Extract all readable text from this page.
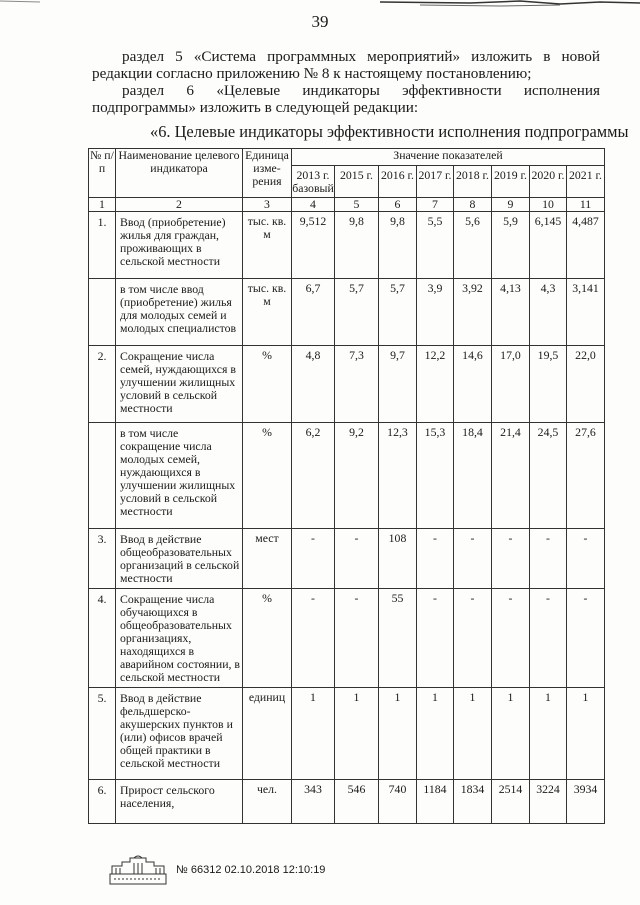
39

раздел 5 «Система программных мероприятий» изложить в новой

редакции согласно приложению № 8 к настоящему постановлению;

раздел 6 «Целевые индикаторы эффективности исполнения

подпрограммы» изложить в следующей редакции:

«6. Целевые индикаторы эффективности исполнения подпрограммы
№ п/п	Наименование целевого индикатора	Единица изме-рения	Значение показателей							
			2013 г. базовый	2015 г.	2016 г.	2017 г.	2018 г.	2019 г.	2020 г.	2021 г.
1	2	3	4	5	6	7	8	9	10	11
1.	Ввод (приобретение) жилья для граждан, проживающих в сельской местности	тыс. кв. м	9,512	9,8	9,8	5,5	5,6	5,9	6,145	4,487
	в том числе ввод (приобретение) жилья для молодых семей и молодых специалистов	тыс. кв. м	6,7	5,7	5,7	3,9	3,92	4,13	4,3	3,141
2.	Сокращение числа семей, нуждающихся в улучшении жилищных условий в сельской местности	%	4,8	7,3	9,7	12,2	14,6	17,0	19,5	22,0
	в том числе сокращение числа молодых семей, нуждающихся в улучшении жилищных условий в сельской местности	%	6,2	9,2	12,3	15,3	18,4	21,4	24,5	27,6
3.	Ввод в действие общеобразовательных организаций в сельской местности	мест	-	-	108	-	-	-	-	-
4.	Сокращение числа обучающихся в общеобразовательных организациях, находящихся в аварийном состоянии, в сельской местности	%	-	-	55	-	-	-	-	-
5.	Ввод в действие фельдшерско-акушерских пунктов и (или) офисов врачей общей практики в сельской местности	единиц	1	1	1	1	1	1	1	1
6.	Прирост сельского населения,	чел.	343	546	740	1184	1834	2514	3224	3934
№ 66312 02.10.2018 12:10:19
